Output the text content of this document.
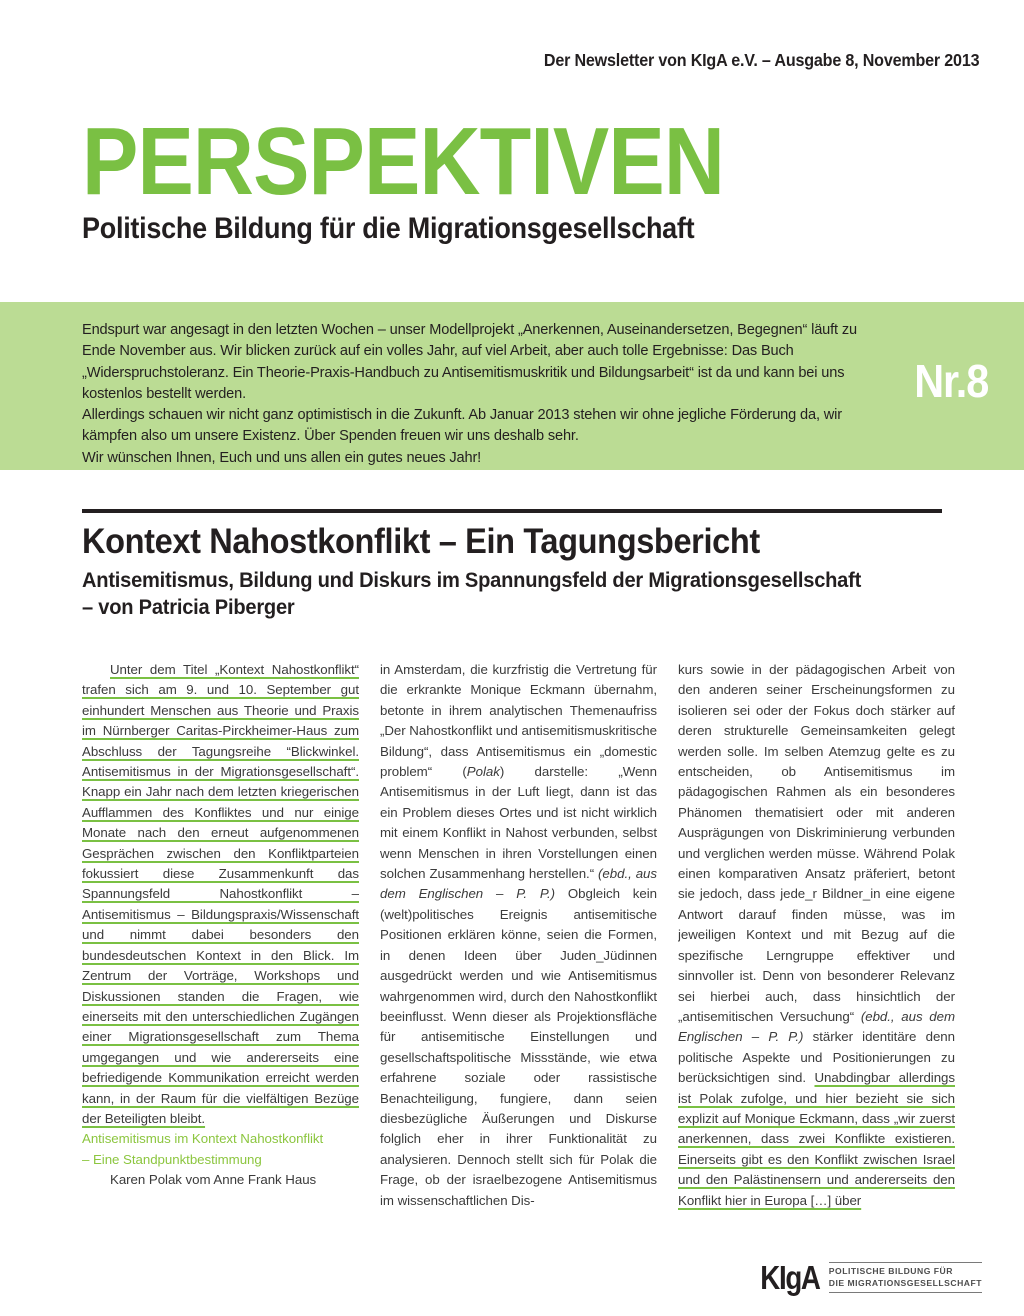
Der Newsletter von KIgA e.V. – Ausgabe 8, November 2013
PERSPEKTIVEN
Politische Bildung für die Migrationsgesellschaft

Endspurt war angesagt in den letzten Wochen – unser Modellprojekt „Anerkennen, Auseinandersetzen, Begegnen“ läuft zu Ende November aus. Wir blicken zurück auf ein volles Jahr, auf viel Arbeit, aber auch tolle Ergebnisse: Das Buch „Widerspruchstoleranz. Ein Theorie-Praxis-Handbuch zu Antisemitismuskritik und Bildungsarbeit“ ist da und kann bei uns kostenlos bestellt werden.

Allerdings schauen wir nicht ganz optimistisch in die Zukunft. Ab Januar 2013 stehen wir ohne jegliche Förderung da, wir kämpfen also um unsere Existenz. Über Spenden freuen wir uns deshalb sehr.

Wir wünschen Ihnen, Euch und uns allen ein gutes neues Jahr!

Nr.8
Kontext Nahostkonflikt – Ein Tagungsbericht
Antisemitismus, Bildung und Diskurs im Spannungsfeld der Migrationsgesellschaft
– von Patricia Piberger

Unter dem Titel „Kontext Nahostkonflikt“ trafen sich am 9. und 10. September gut einhundert Menschen aus Theorie und Praxis im Nürnberger Caritas-Pirckheimer-Haus zum Abschluss der Tagungsreihe “Blickwinkel. Antisemitismus in der Migrationsgesellschaft“. Knapp ein Jahr nach dem letzten kriegerischen Aufflammen des Konfliktes und nur einige Monate nach den erneut aufgenommenen Gesprächen zwischen den Konfliktparteien fokussiert diese Zusammenkunft das Spannungsfeld Nahostkonflikt – Antisemitismus – Bildungspraxis/Wissenschaft und nimmt dabei besonders den bundesdeutschen Kontext in den Blick. Im Zentrum der Vorträge, Workshops und Diskussionen standen die Fragen, wie einerseits mit den unterschiedlichen Zugängen einer Migrationsgesellschaft zum Thema umgegangen und wie andererseits eine befriedigende Kommunikation erreicht werden kann, in der Raum für die vielfältigen Bezüge der Beteiligten bleibt.

Antisemitismus im Kontext Nahostkonflikt
– Eine Standpunktbestimmung

Karen Polak vom Anne Frank Haus

in Amsterdam, die kurzfristig die Vertretung für die erkrankte Monique Eckmann übernahm, betonte in ihrem analytischen Themenaufriss „Der Nahostkonflikt und antisemitismuskritische Bildung“, dass Antisemitismus ein „domestic problem“ (Polak) darstelle: „Wenn Antisemitismus in der Luft liegt, dann ist das ein Problem dieses Ortes und ist nicht wirklich mit einem Konflikt in Nahost verbunden, selbst wenn Menschen in ihren Vorstellungen einen solchen Zusammenhang herstellen.“ (ebd., aus dem Englischen – P. P.) Obgleich kein (welt)politisches Ereignis antisemitische Positionen erklären könne, seien die Formen, in denen Ideen über Juden_Jüdinnen ausgedrückt werden und wie Antisemitismus wahrgenommen wird, durch den Nahostkonflikt beeinflusst. Wenn dieser als Projektionsfläche für antisemitische Einstellungen und gesellschaftspolitische Missstände, wie etwa erfahrene soziale oder rassistische Benachteiligung, fungiere, dann seien diesbezügliche Äußerungen und Diskurse folglich eher in ihrer Funktionalität zu analysieren. Dennoch stellt sich für Polak die Frage, ob der israelbezogene Antisemitismus im wissenschaftlichen Dis-

kurs sowie in der pädagogischen Arbeit von den anderen seiner Erscheinungsformen zu isolieren sei oder der Fokus doch stärker auf deren strukturelle Gemeinsamkeiten gelegt werden solle. Im selben Atemzug gelte es zu entscheiden, ob Antisemitismus im pädagogischen Rahmen als ein besonderes Phänomen thematisiert oder mit anderen Ausprägungen von Diskriminierung verbunden und verglichen werden müsse. Während Polak einen komparativen Ansatz präferiert, betont sie jedoch, dass jede_r Bildner_in eine eigene Antwort darauf finden müsse, was im jeweiligen Kontext und mit Bezug auf die spezifische Lerngruppe effektiver und sinnvoller ist. Denn von besonderer Relevanz sei hierbei auch, dass hinsichtlich der „antisemitischen Versuchung“ (ebd., aus dem Englischen – P. P.) stärker identitäre denn politische Aspekte und Positionierungen zu berücksichtigen sind. Unabdingbar allerdings ist Polak zufolge, und hier bezieht sie sich explizit auf Monique Eckmann, dass „wir zuerst anerkennen, dass zwei Konflikte existieren. Einerseits gibt es den Konflikt zwischen Israel und den Palästinensern und andererseits den Konflikt hier in Europa […] über

KIgA POLITISCHE BILDUNG FÜR
DIE MIGRATIONSGESELLSCHAFT
